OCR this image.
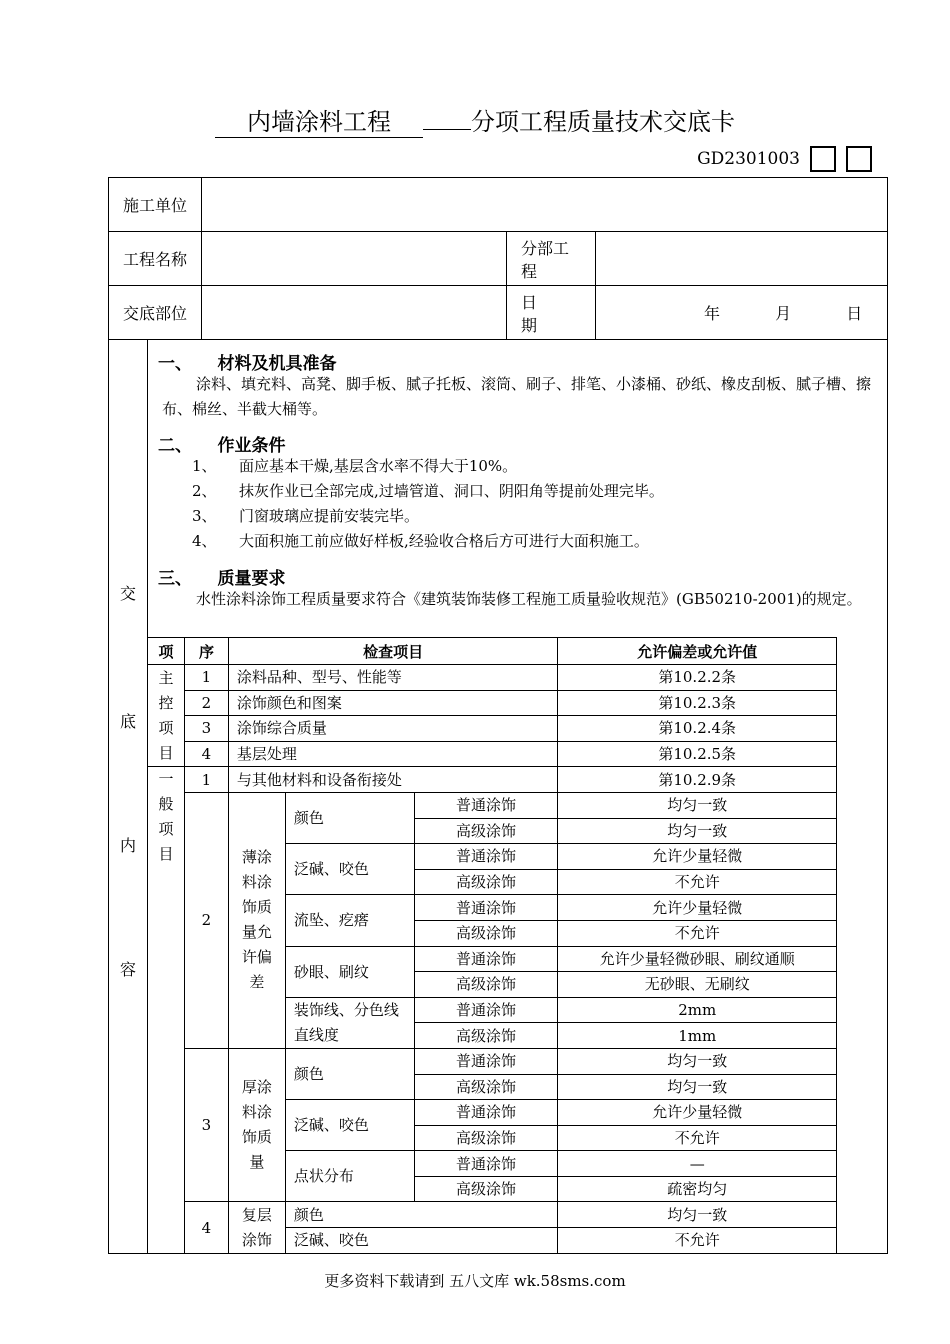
内墙涂料工程	分项工程质量技术交底卡
GD2301003
施工单位			
工程名称		分部工程	
交底部位		日　　期	年 月 日
交
底
内
容
一、　　材料及机具准备
涂料、填充料、高凳、脚手板、腻子托板、滚筒、刷子、排笔、小漆桶、砂纸、橡皮刮板、腻子槽、擦布、棉丝、半截大桶等。
二、　　作业条件
1、　　面应基本干燥,基层含水率不得大于10%。
2、　　抹灰作业已全部完成,过墙管道、洞口、阴阳角等提前处理完毕。
3、　　门窗玻璃应提前安装完毕。
4、　　大面积施工前应做好样板,经验收合格后方可进行大面积施工。
三、　　质量要求
水性涂料涂饰工程质量要求符合《建筑装饰装修工程施工质量验收规范》(GB50210-2001)的规定。
项	序	检查项目			允许偏差或允许值
主控项目	1	涂料品种、型号、性能等			第10.2.2条
	2	涂饰颜色和图案			第10.2.3条
	3	涂饰综合质量			第10.2.4条
	4	基层处理			第10.2.5条
一般项目	1	与其他材料和设备衔接处			第10.2.9条
	2	薄涂料涂饰质量允许偏差	颜色	普通涂饰	均匀一致
				高级涂饰	均匀一致
			泛碱、咬色	普通涂饰	允许少量轻微
				高级涂饰	不允许
			流坠、疙瘩	普通涂饰	允许少量轻微
				高级涂饰	不允许
			砂眼、刷纹	普通涂饰	允许少量轻微砂眼、刷纹通顺
				高级涂饰	无砂眼、无刷纹
			装饰线、分色线直线度	普通涂饰	2mm
				高级涂饰	1mm
	3	厚涂料涂饰质量	颜色	普通涂饰	均匀一致
				高级涂饰	均匀一致
			泛碱、咬色	普通涂饰	允许少量轻微
				高级涂饰	不允许
			点状分布	普通涂饰	—
				高级涂饰	疏密均匀
	4	复层涂饰	颜色		均匀一致
			泛碱、咬色		不允许
更多资料下载请到 五八文库 wk.58sms.com
